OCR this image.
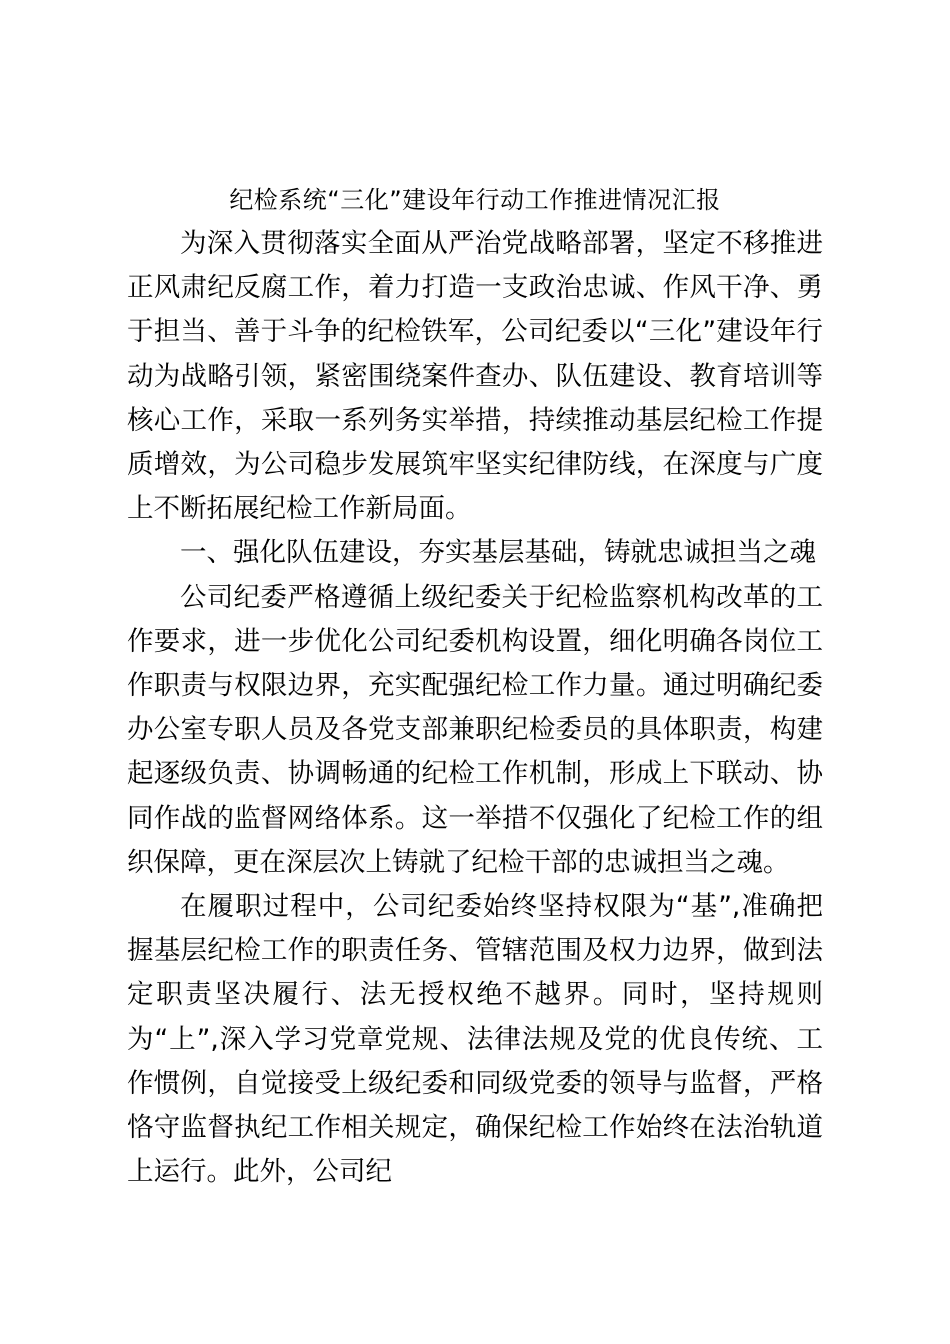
纪检系统“三化”建设年行动工作推进情况汇报

为深入贯彻落实全面从严治党战略部署，坚定不移推进正风肃纪反腐工作，着力打造一支政治忠诚、作风干净、勇于担当、善于斗争的纪检铁军，公司纪委以“三化”建设年行动为战略引领，紧密围绕案件查办、队伍建设、教育培训等核心工作，采取一系列务实举措，持续推动基层纪检工作提质增效，为公司稳步发展筑牢坚实纪律防线，在深度与广度上不断拓展纪检工作新局面。

一、强化队伍建设，夯实基层基础，铸就忠诚担当之魂

公司纪委严格遵循上级纪委关于纪检监察机构改革的工作要求，进一步优化公司纪委机构设置，细化明确各岗位工作职责与权限边界，充实配强纪检工作力量。通过明确纪委办公室专职人员及各党支部兼职纪检委员的具体职责，构建起逐级负责、协调畅通的纪检工作机制，形成上下联动、协同作战的监督网络体系。这一举措不仅强化了纪检工作的组织保障，更在深层次上铸就了纪检干部的忠诚担当之魂。

在履职过程中，公司纪委始终坚持权限为“基”,准确把握基层纪检工作的职责任务、管辖范围及权力边界，做到法定职责坚决履行、法无授权绝不越界。同时，坚持规则为“上”,深入学习党章党规、法律法规及党的优良传统、工作惯例，自觉接受上级纪委和同级党委的领导与监督，严格恪守监督执纪工作相关规定，确保纪检工作始终在法治轨道上运行。此外，公司纪
